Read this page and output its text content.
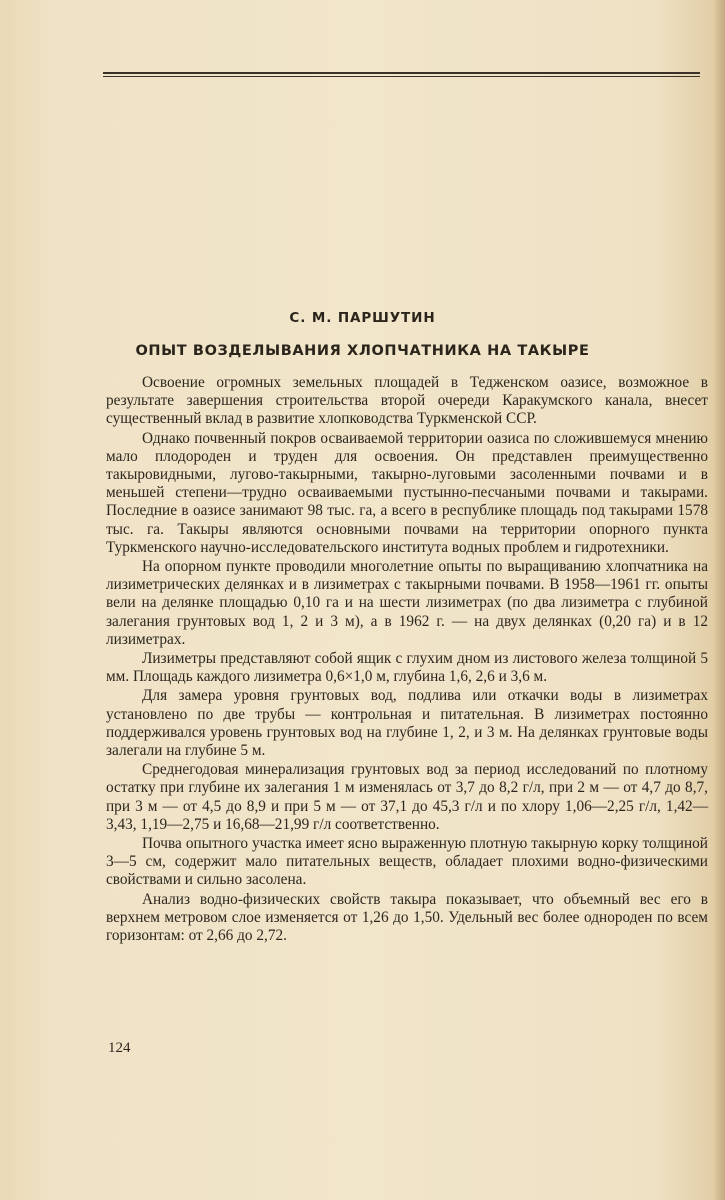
С. М. ПАРШУТИН
ОПЫТ ВОЗДЕЛЫВАНИЯ ХЛОПЧАТНИКА НА ТАКЫРЕ

Освоение огромных земельных площадей в Тедженском оазисе, возможное в результате завершения строительства второй очереди Каракумского канала, внесет существенный вклад в развитие хлопководства Туркменской ССР.

Однако почвенный покров осваиваемой территории оазиса по сложившемуся мнению мало плодороден и труден для освоения. Он представлен преимущественно такыровидными, лугово-такырными, такырно-луговыми засоленными почвами и в меньшей степени—трудно осваиваемыми пустынно-песчаными почвами и такырами. Последние в оазисе занимают 98 тыс. га, а всего в республике площадь под такырами 1578 тыс. га. Такыры являются основными почвами на территории опорного пункта Туркменского научно-исследовательского института водных проблем и гидротехники.

На опорном пункте проводили многолетние опыты по выращиванию хлопчатника на лизиметрических делянках и в лизиметрах с такырными почвами. В 1958—1961 гг. опыты вели на делянке площадью 0,10 га и на шести лизиметрах (по два лизиметра с глубиной залегания грунтовых вод 1, 2 и 3 м), а в 1962 г. — на двух делянках (0,20 га) и в 12 лизиметрах.

Лизиметры представляют собой ящик с глухим дном из листового железа толщиной 5 мм. Площадь каждого лизиметра 0,6×1,0 м, глубина 1,6, 2,6 и 3,6 м.

Для замера уровня грунтовых вод, подлива или откачки воды в лизиметрах установлено по две трубы — контрольная и питательная. В лизиметрах постоянно поддерживался уровень грунтовых вод на глубине 1, 2, и 3 м. На делянках грунтовые воды залегали на глубине 5 м.

Среднегодовая минерализация грунтовых вод за период исследований по плотному остатку при глубине их залегания 1 м изменялась от 3,7 до 8,2 г/л, при 2 м — от 4,7 до 8,7, при 3 м — от 4,5 до 8,9 и при 5 м — от 37,1 до 45,3 г/л и по хлору 1,06—2,25 г/л, 1,42—3,43, 1,19—2,75 и 16,68—21,99 г/л соответственно.

Почва опытного участка имеет ясно выраженную плотную такырную корку толщиной 3—5 см, содержит мало питательных веществ, обладает плохими водно-физическими свойствами и сильно засолена.

Анализ водно-физических свойств такыра показывает, что объемный вес его в верхнем метровом слое изменяется от 1,26 до 1,50. Удельный вес более однороден по всем горизонтам: от 2,66 до 2,72.

124
